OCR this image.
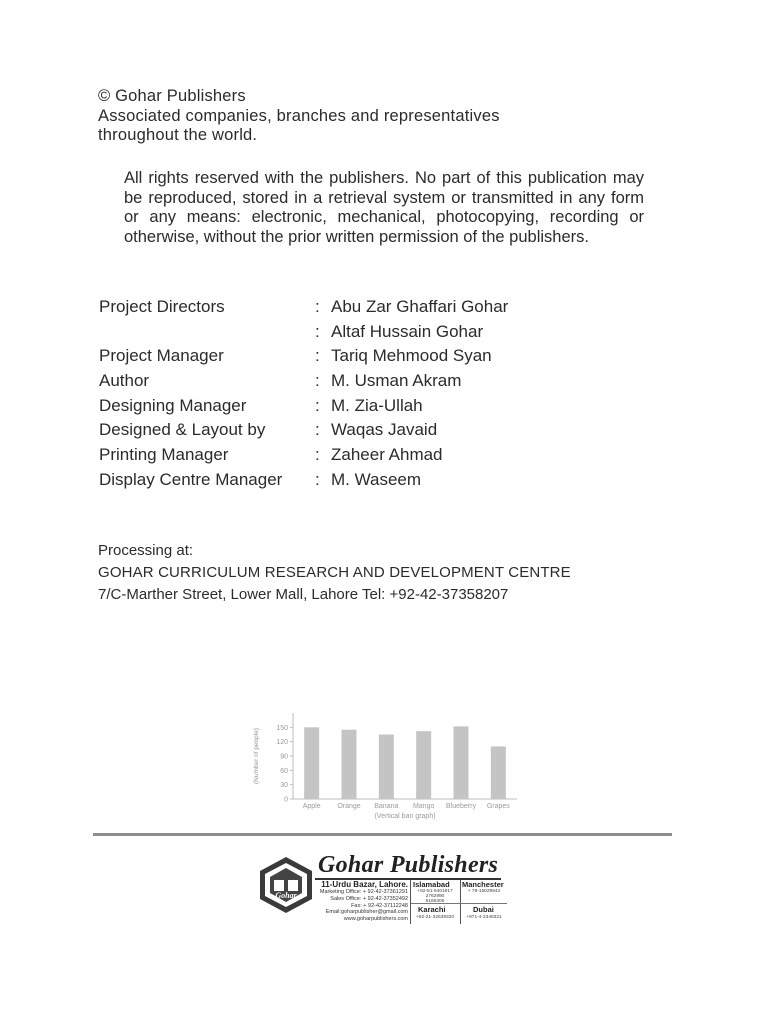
© Gohar Publishers
Associated companies, branches and representatives
throughout the world.
All rights reserved with the publishers. No part of this publication may be reproduced, stored in a retrieval system or transmitted in any form or any means: electronic, mechanical, photocopying, recording or otherwise, without the prior written permission of the publishers.
Project Directors	: Abu Zar Ghaffari Gohar
: Altaf Hussain Gohar
Project Manager	: Tariq Mehmood Syan
Author	: M. Usman Akram
Designing Manager	: M. Zia-Ullah
Designed & Layout by	: Waqas Javaid
Printing Manager	: Zaheer Ahmad
Display Centre Manager : M. Waseem
Processing at:
GOHAR CURRICULUM RESEARCH AND DEVELOPMENT CENTRE
7/C-Marther Street, Lower Mall, Lahore Tel: +92-42-37358207
0
30
60
90
120
150
(Number of people)
Apple Orange Banana Mango Blueberry Grapes
(Vertical ban graph)
Gohar
Gohar Publishers
11-Urdu Bazar, Lahore.
Marketing Office: + 92-42-37361291
Sales Office: + 92-42-37352492
Fax: + 92-42-37112248
Email:goharpublisher@gmail.com
www.goharpublishers.com
Islamabad
+92-51-5401917
2762990
5166306
Manchester
+ 78-15029944
Karachi
+92-21-32639320
Dubai
+971-4-2348321
